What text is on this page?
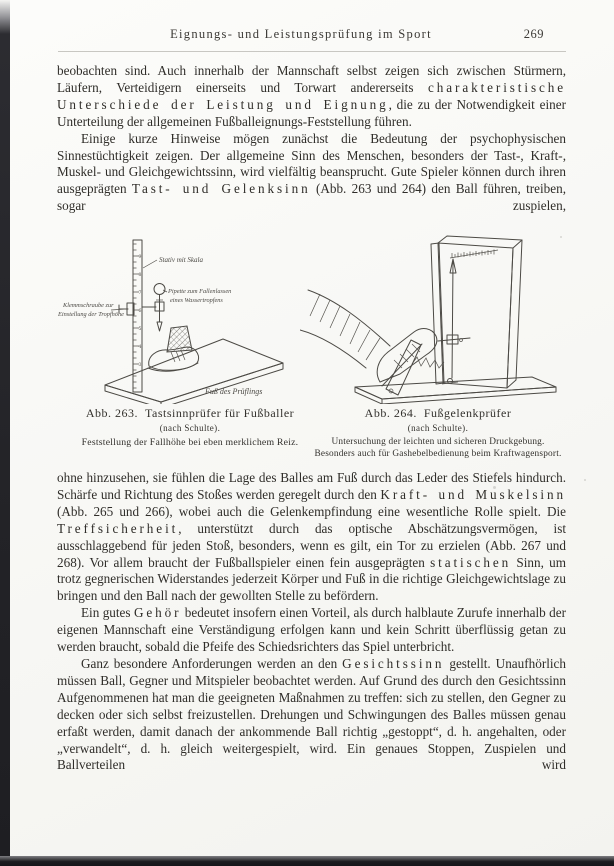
Eignungs- und Leistungsprüfung im Sport	269

beobachten sind. Auch innerhalb der Mannschaft selbst zeigen sich zwischen Stürmern, Läufern, Verteidigern einerseits und Torwart andererseits charakteristische Unterschiede der Leistung und Eignung, die zu der Notwendigkeit einer Unterteilung der allgemeinen Fußballeignungs-Feststellung führen.

Einige kurze Hinweise mögen zunächst die Bedeutung der psychophysischen Sinnestüchtigkeit zeigen. Der allgemeine Sinn des Menschen, besonders der Tast-, Kraft-, Muskel- und Gleichgewichtssinn, wird vielfältig beansprucht. Gute Spieler können durch ihren ausgeprägten Tast- und Gelenksinn (Abb. 263 und 264) den Ball führen, treiben, sogar zuspielen,

9
8
7
6
5
4
3
Stativ mit Skala
Pipette zum Fallenlassen
eines Wassertropfens
Klemmschraube zur
Einstellung der Tropfhöhe
Fuß des Prüflings
Abb. 263. Tastsinnprüfer für Fußballer
(nach Schulte).
Feststellung der Fallhöhe bei eben merklichem Reiz.
Abb. 264. Fußgelenkprüfer
(nach Schulte).
Untersuchung der leichten und sicheren Druckgebung. Besonders auch für Gashebelbedienung beim Kraftwagensport.

ohne hinzusehen, sie fühlen die Lage des Balles am Fuß durch das Leder des Stiefels hindurch. Schärfe und Richtung des Stoßes werden geregelt durch den Kraft- und Muskelsinn (Abb. 265 und 266), wobei auch die Gelenkempfindung eine wesentliche Rolle spielt. Die Treffsicherheit, unterstützt durch das optische Abschätzungsvermögen, ist ausschlaggebend für jeden Stoß, besonders, wenn es gilt, ein Tor zu erzielen (Abb. 267 und 268). Vor allem braucht der Fußballspieler einen fein ausgeprägten statischen Sinn, um trotz gegnerischen Widerstandes jederzeit Körper und Fuß in die richtige Gleichgewichtslage zu bringen und den Ball nach der gewollten Stelle zu befördern.

Ein gutes Gehör bedeutet insofern einen Vorteil, als durch halblaute Zurufe innerhalb der eigenen Mannschaft eine Verständigung erfolgen kann und kein Schritt überflüssig getan zu werden braucht, sobald die Pfeife des Schiedsrichters das Spiel unterbricht.

Ganz besondere Anforderungen werden an den Gesichtssinn gestellt. Unaufhörlich müssen Ball, Gegner und Mitspieler beobachtet werden. Auf Grund des durch den Gesichtssinn Aufgenommenen hat man die geeigneten Maßnahmen zu treffen: sich zu stellen, den Gegner zu decken oder sich selbst freizustellen. Drehungen und Schwingungen des Balles müssen genau erfaßt werden, damit danach der ankommende Ball richtig „gestoppt“, d. h. angehalten, oder „verwandelt“, d. h. gleich weitergespielt, wird. Ein genaues Stoppen, Zuspielen und Ballverteilen wird
